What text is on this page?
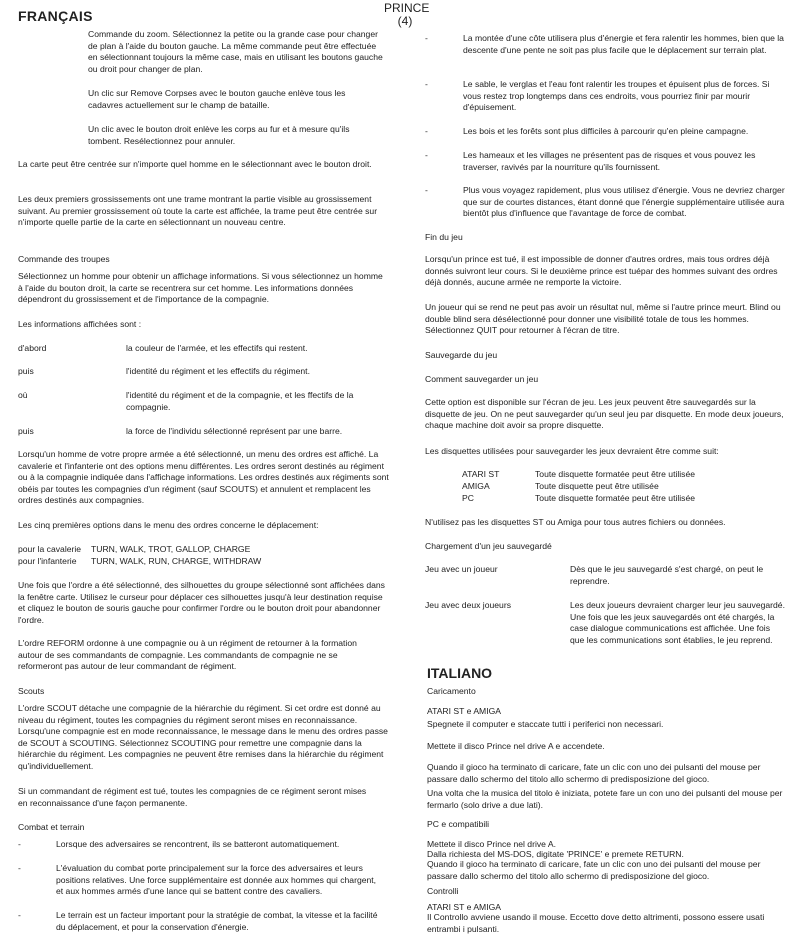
FRANÇAIS	PRINCE
(4)

Commande du zoom. Sélectionnez la petite ou la grande case pour changer de plan à l'aide du bouton gauche. La même commande peut être effectuée en sélectionnant toujours la même case, mais en utilisant les boutons gauche ou droit pour changer de plan.

Un clic sur Remove Corpses avec le bouton gauche enlève tous les cadavres actuellement sur le champ de bataille.

Un clic avec le bouton droit enlève les corps au fur et à mesure qu'ils tombent. Resélectionnez pour annuler.

La carte peut être centrée sur n'importe quel homme en le sélectionnant avec le bouton droit.

Les deux premiers grossissements ont une trame montrant la partie visible au grossissement suivant. Au premier grossissement où toute la carte est affichée, la trame peut être centrée sur n'importe quelle partie de la carte en sélectionnant un nouveau centre.

Commande des troupes

Sélectionnez un homme pour obtenir un affichage informations. Si vous sélectionnez un homme à l'aide du bouton droit, la carte se recentrera sur cet homme. Les informations données dépendront du grossissement et de l'importance de la compagnie.

Les informations affichées sont :

d'abord	la couleur de l'armée, et les effectifs qui restent.
puis	l'identité du régiment et les effectifs du régiment.
où	l'identité du régiment et de la compagnie, et les ffectifs de la
compagnie.
puis	la force de l'individu sélectionné représent par une barre.

Lorsqu'un homme de votre propre armée a été sélectionné, un menu des ordres est affiché. La cavalerie et l'infanterie ont des options menu différentes. Les ordres seront destinés au régiment ou à la compagnie indiquée dans l'affichage informations. Les ordres destinés aux régiments sont obéis par toutes les compagnies d'un régiment (sauf SCOUTS) et annulent et remplacent les ordres destinés aux compagnies.

Les cinq premières options dans le menu des ordres concerne le déplacement:

pour la cavalerie TURN, WALK, TROT, GALLOP, CHARGE
pour l'infanterie TURN, WALK, RUN, CHARGE, WITHDRAW

Une fois que l'ordre a été sélectionné, des silhouettes du groupe sélectionné sont affichées dans la fenêtre carte. Utilisez le curseur pour déplacer ces silhouettes jusqu'à leur destination requise et cliquez le bouton de souris gauche pour confirmer l'ordre ou le bouton droit pour abandonner l'ordre.

L'ordre REFORM ordonne à une compagnie ou à un régiment de retourner à la formation autour de ses commandants de compagnie. Les commandants de compagnie ne se reformeront pas autour de leur commandant de régiment.

Scouts

L'ordre SCOUT détache une compagnie de la hiérarchie du régiment. Si cet ordre est donné au niveau du régiment, toutes les compagnies du régiment seront mises en reconnaissance. Lorsqu'une compagnie est en mode reconnaissance, le message dans le menu des ordres passe de SCOUT à SCOUTING. Sélectionnez SCOUTING pour remettre une compagnie dans la hiérarchie du régiment. Les compagnies ne peuvent être remises dans la hiérarchie du régiment qu'individuellement.

Si un commandant de régiment est tué, toutes les compagnies de ce régiment seront mises en reconnaissance d'une façon permanente.

Combat et terrain

-	Lorsque des adversaires se rencontrent, ils se batteront automatiquement.
-	L'évaluation du combat porte principalement sur la force des adversaires et leurs positions relatives. Une force supplémentaire est donnée aux hommes qui chargent, et aux hommes armés d'une lance qui se battent contre des cavaliers.
-	Le terrain est un facteur important pour la stratégie de combat, la vitesse et la facilité du déplacement, et pour la conservation d'énergie.
-	La montée d'une côte utilisera plus d'énergie et fera ralentir les hommes, bien que la descente d'une pente ne soit pas plus facile que le déplacement sur terrain plat.
-	Le sable, le verglas et l'eau font ralentir les troupes et épuisent plus de forces. Si vous restez trop longtemps dans ces endroits, vous pourriez finir par mourir d'épuisement.
-	Les bois et les forêts sont plus difficiles à parcourir qu'en pleine campagne.
-	Les hameaux et les villages ne présentent pas de risques et vous pouvez les traverser, ravivés par la nourriture qu'ils fournissent.
-	Plus vous voyagez rapidement, plus vous utilisez d'énergie. Vous ne devriez charger que sur de courtes distances, étant donné que l'énergie supplémentaire utilisée aura bientôt plus d'influence que l'avantage de force de combat.

Fin du jeu

Lorsqu'un prince est tué, il est impossible de donner d'autres ordres, mais tous ordres déjà donnés suivront leur cours. Si le deuxième prince est tuépar des hommes suivant des ordres déjà donnés, aucune armée ne remporte la victoire.

Un joueur qui se rend ne peut pas avoir un résultat nul, même si l'autre prince meurt. Blind ou double blind sera désélectionné pour donner une visibilité totale de tous les hommes. Sélectionnez QUIT pour retourner à l'écran de titre.

Sauvegarde du jeu

Comment sauvegarder un jeu

Cette option est disponible sur l'écran de jeu. Les jeux peuvent être sauvegardés sur la disquette de jeu. On ne peut sauvegarder qu'un seul jeu par disquette. En mode deux joueurs, chaque machine doit avoir sa propre disquette.

Les disquettes utilisées pour sauvegarder les jeux devraient être comme suit:

ATARI ST	Toute disquette formatée peut être utilisée
AMIGA	Toute disquette peut être utilisée
PC	Toute disquette formatée peut être utilisée

N'utilisez pas les disquettes ST ou Amiga pour tous autres fichiers ou données.

Chargement d'un jeu sauvegardé

Jeu avec un joueur	Dès que le jeu sauvegardé s'est chargé, on peut le reprendre.
Jeu avec deux joueurs	Les deux joueurs devraient charger leur jeu sauvegardé. Une fois que les jeux sauvegardés ont été chargés, la case dialogue communications est affichée. Une fois que les communications sont établies, le jeu reprend.
ITALIANO

Caricamento

ATARI ST e AMIGA

Spegnete il computer e staccate tutti i periferici non necessari.

Mettete il disco Prince nel drive A e accendete.

Quando il gioco ha terminato di caricare, fate un clic con uno dei pulsanti del mouse per passare dallo schermo del titolo allo schermo di predisposizione del gioco.

Una volta che la musica del titolo è iniziata, potete fare un con uno dei pulsanti del mouse per fermarlo (solo drive a due lati).

PC e compatibili

Mettete il disco Prince nel drive A.

Dalla richiesta del MS-DOS, digitate 'PRINCE' e premete RETURN.

Quando il gioco ha terminato di caricare, fate un clic con uno dei pulsanti del mouse per passare dallo schermo del titolo allo schermo di predisposizione del gioco.

Controlli

ATARI ST e AMIGA

Il Controllo avviene usando il mouse. Eccetto dove detto altrimenti, possono essere usati entrambi i pulsanti.
